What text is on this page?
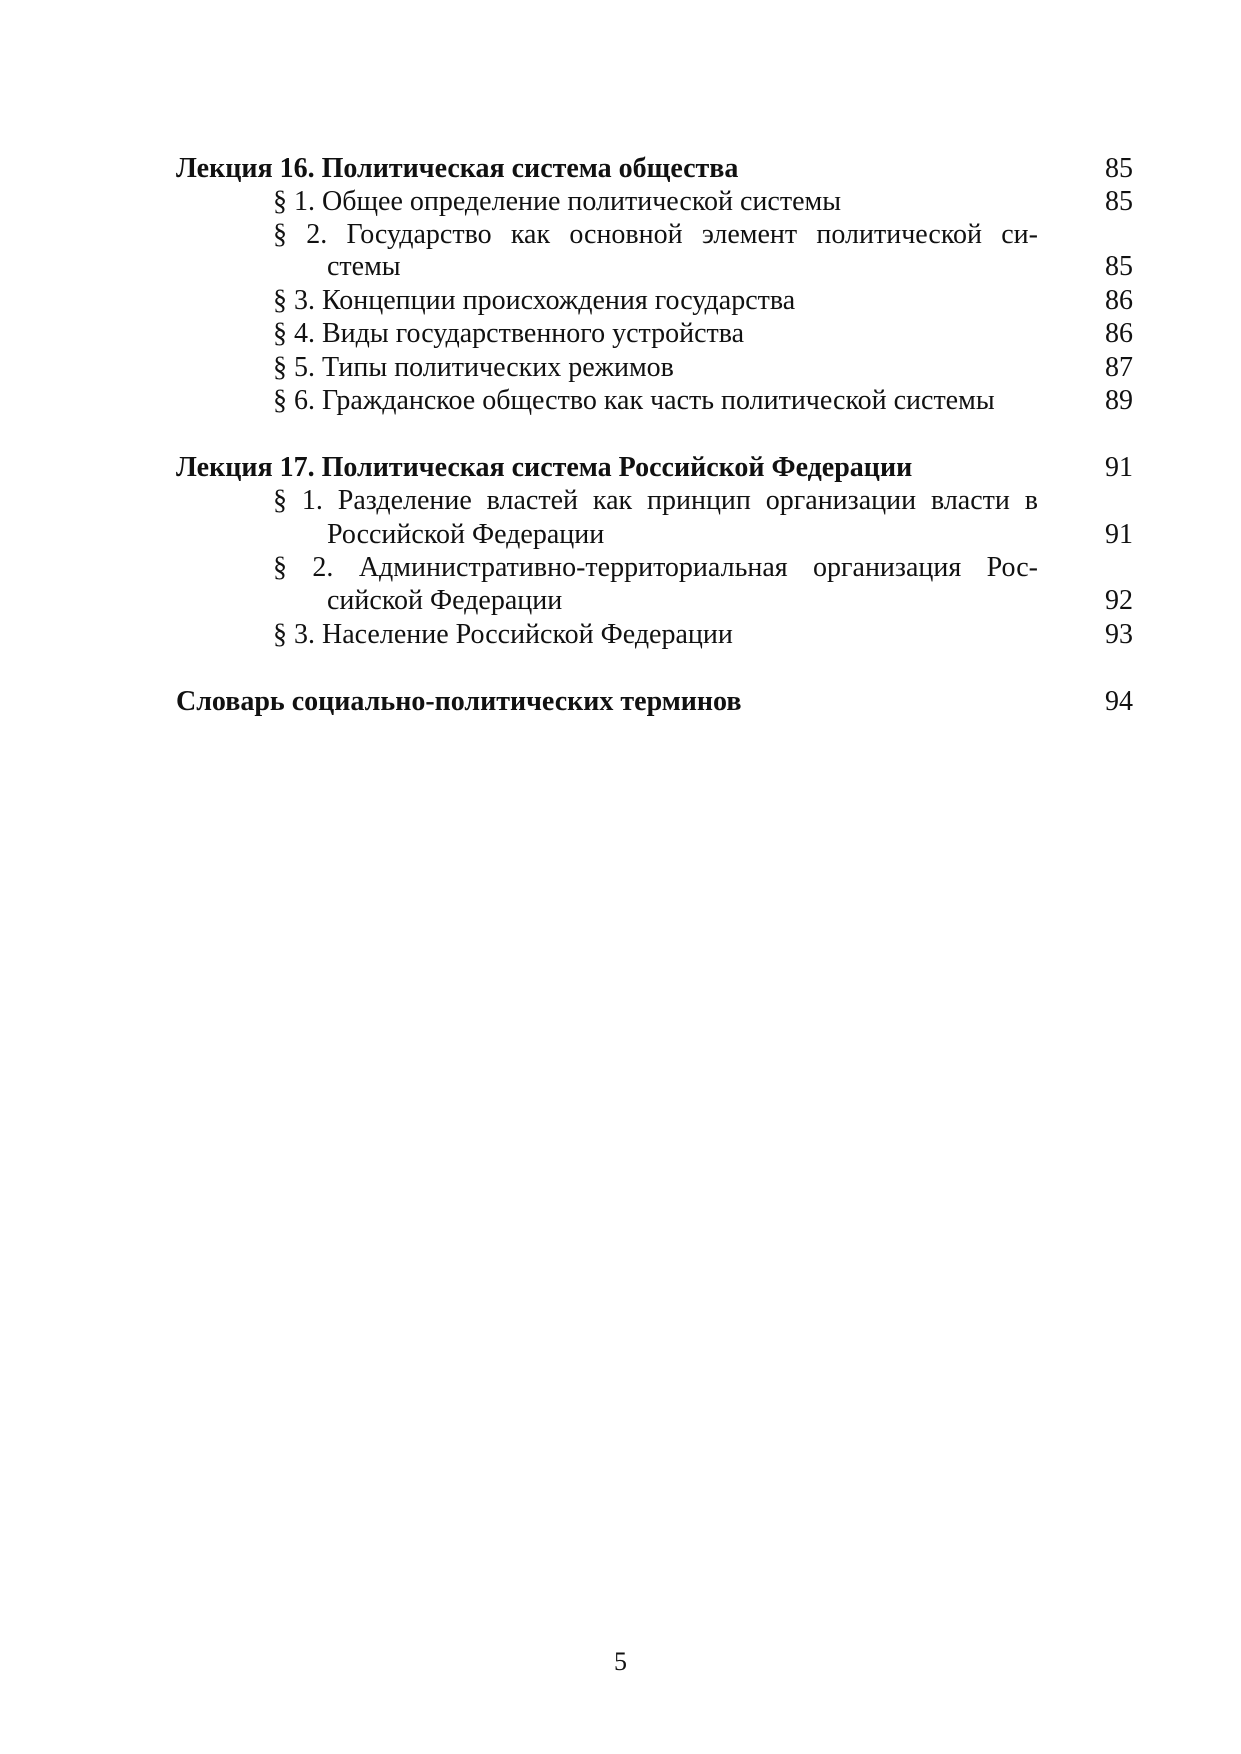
Лекция 16. Политическая система общества	85
§ 1. Общее определение политической системы	85
§ 2. Государство как основной элемент политической си-
стемы	85
§ 3. Концепции происхождения государства	86
§ 4. Виды государственного устройства	86
§ 5. Типы политических режимов	87
§ 6. Гражданское общество как часть политической системы	89
Лекция 17. Политическая система Российской Федерации	91
§ 1. Разделение властей как принцип организации власти в
Российской Федерации	91
§ 2. Административно-территориальная организация Рос-
сийской Федерации	92
§ 3. Население Российской Федерации	93
Словарь социально-политических терминов	94
5
